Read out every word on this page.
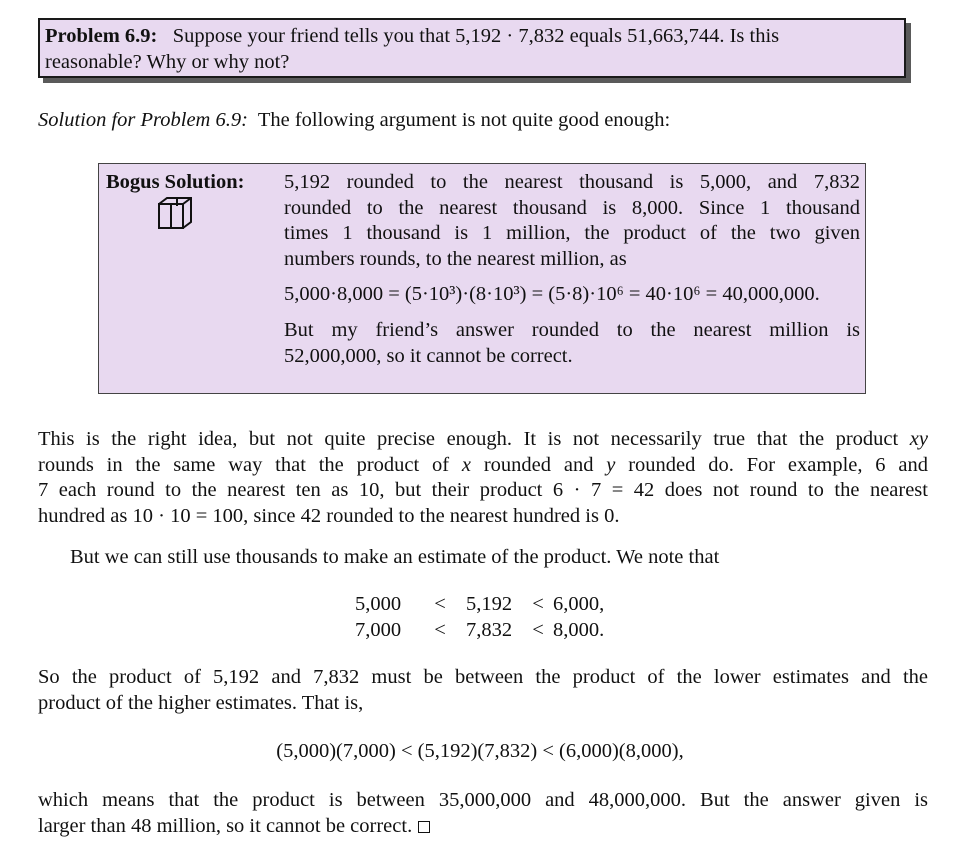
Problem 6.9: Suppose your friend tells you that 5,192 · 7,832 equals 51,663,744. Is this
reasonable? Why or why not?
Solution for Problem 6.9: The following argument is not quite good enough:
Bogus Solution: 5,192 rounded to the nearest thousand is 5,000, and 7,832
rounded to the nearest thousand is 8,000. Since 1 thousand
times 1 thousand is 1 million, the product of the two given
numbers rounds, to the nearest million, as
5,000·8,000 = (5·10³)·(8·10³) = (5·8)·10⁶ = 40·10⁶ = 40,000,000.
But my friend’s answer rounded to the nearest million is
52,000,000, so it cannot be correct.
This is the right idea, but not quite precise enough. It is not necessarily true that the product xy
rounds in the same way that the product of x rounded and y rounded do. For example, 6 and
7 each round to the nearest ten as 10, but their product 6 · 7 = 42 does not round to the nearest
hundred as 10 · 10 = 100, since 42 rounded to the nearest hundred is 0.
But we can still use thousands to make an estimate of the product. We note that
5,000	< 5,192 < 6,000,
7,000	< 7,832 < 8,000.
So the product of 5,192 and 7,832 must be between the product of the lower estimates and the
product of the higher estimates. That is,
(5,000)(7,000) < (5,192)(7,832) < (6,000)(8,000),
which means that the product is between 35,000,000 and 48,000,000. But the answer given is
larger than 48 million, so it cannot be correct.
